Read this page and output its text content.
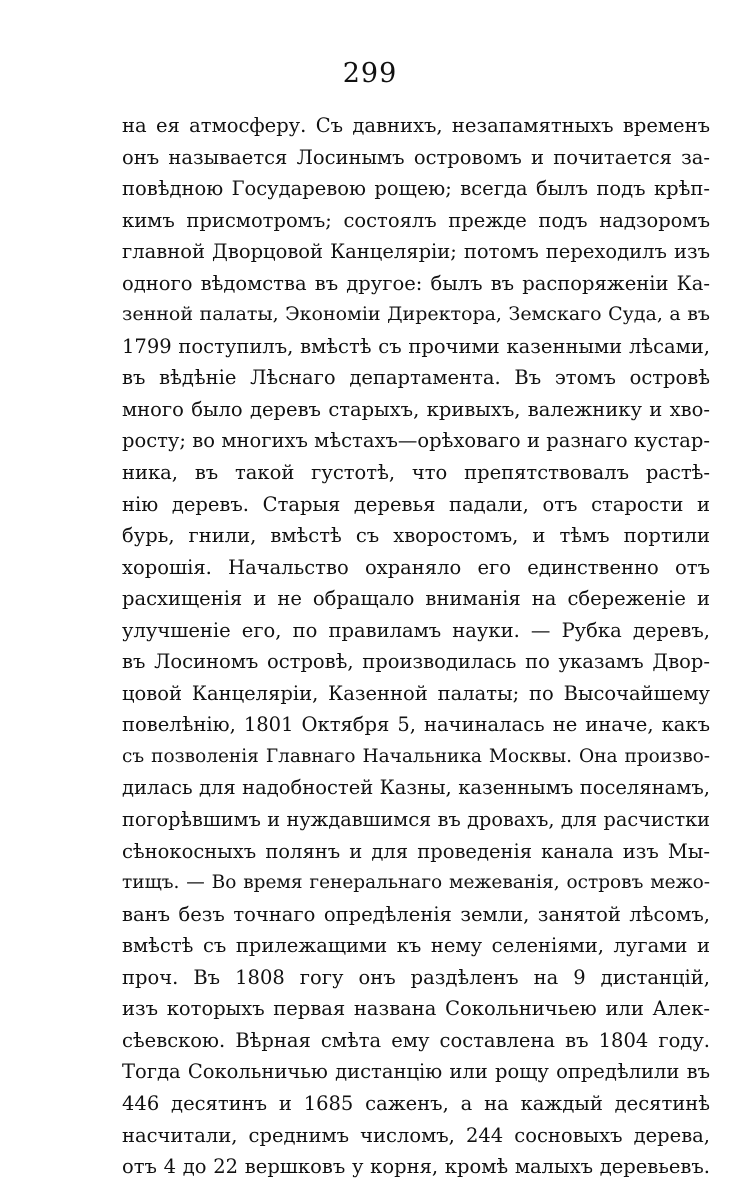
299
на ея атмосферу. Съ давнихъ, незапамятныхъ временъ
онъ называется Лосинымъ островомъ и почитается за-
повѣдною Государевою рощею; всегда былъ подъ крѣп-
кимъ присмотромъ; состоялъ прежде подъ надзоромъ
главной Дворцовой Канцеляріи; потомъ переходилъ изъ
одного вѣдомства въ другое: былъ въ распоряженіи Ка-
зенной палаты, Экономіи Директора, Земскаго Суда, а въ
1799 поступилъ, вмѣстѣ съ прочими казенными лѣсами,
въ вѣдѣніе Лѣснаго департамента. Въ этомъ островѣ
много было деревъ старыхъ, кривыхъ, валежнику и хво-
росту; во многихъ мѣстахъ—орѣховаго и разнаго кустар-
ника, въ такой густотѣ, что препятствовалъ растѣ-
нію деревъ. Старыя деревья падали, отъ старости и
бурь, гнили, вмѣстѣ съ хворостомъ, и тѣмъ портили
хорошія. Начальство охраняло его единственно отъ
расхищенія и не обращало вниманія на сбереженіе и
улучшеніе его, по правиламъ науки. — Рубка деревъ,
въ Лосиномъ островѣ, производилась по указамъ Двор-
цовой Канцеляріи, Казенной палаты; по Высочайшему
повелѣнію, 1801 Октября 5, начиналась не иначе, какъ
съ позволенія Главнаго Начальника Москвы. Она произво-
дилась для надобностей Казны, казеннымъ поселянамъ,
погорѣвшимъ и нуждавшимся въ дровахъ, для расчистки
сѣнокосныхъ полянъ и для проведенія канала изъ Мы-
тищъ. — Во время генеральнаго межеванія, островъ межо-
ванъ безъ точнаго опредѣленія земли, занятой лѣсомъ,
вмѣстѣ съ прилежащими къ нему селеніями, лугами и
проч. Въ 1808 гогу онъ раздѣленъ на 9 дистанцій,
изъ которыхъ первая названа Сокольничьею или Алек-
сѣевскою. Вѣрная смѣта ему составлена въ 1804 году.
Тогда Сокольничью дистанцію или рощу опредѣлили въ
446 десятинъ и 1685 саженъ, а на каждый десятинѣ
насчитали, среднимъ числомъ, 244 сосновыхъ дерева,
отъ 4 до 22 вершковъ у корня, кромѣ малыхъ деревьевъ.
